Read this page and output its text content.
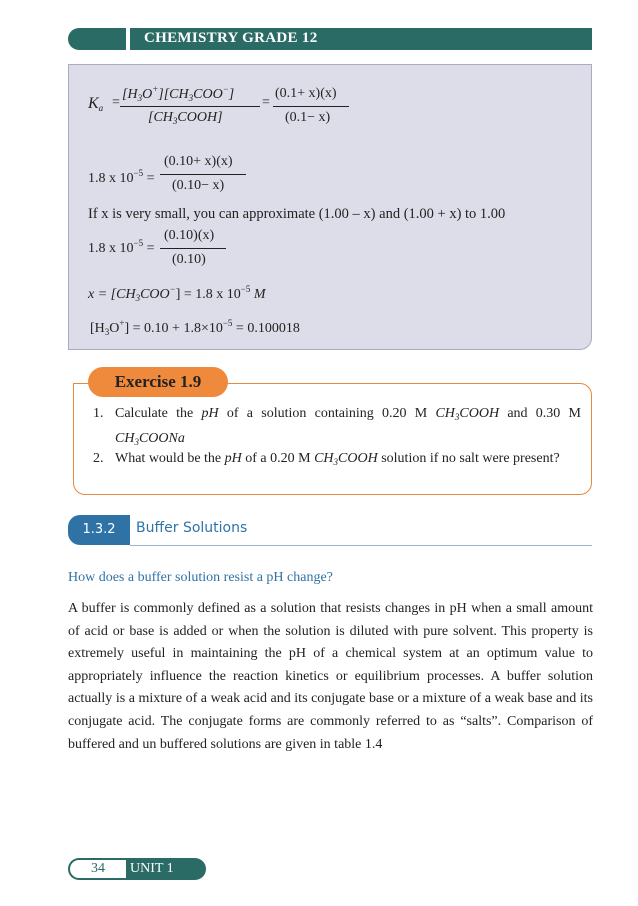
CHEMISTRY GRADE 12
$K_a$ =
$[H_3O^+][CH_3COO^-]$
$[CH_3COOH]$
=
(0.1+ x)(x)
(0.1− x)
1.8 x $10^{-5}$ =
(0.10+ x)(x)
(0.10− x)
If x is very small, you can approximate (1.00 – x) and (1.00 + x) to 1.00
1.8 x $10^{-5}$ =
(0.10)(x)
(0.10)
$x = [CH_3COO^-] = 1.8$ x $10^{-5}$ M
$[H_3O^+] = 0.10 + 1.8\times 10^{-5} = 0.100018$
Exercise 1.9
1. Calculate the pH of a solution containing 0.20 M $CH_3COOH$ and 0.30 M $CH_3COONa$
2. What would be the pH of a 0.20 M $CH_3COOH$ solution if no salt were present?
1.3.2	Buffer Solutions
How does a buffer solution resist a pH change?
A buffer is commonly defined as a solution that resists changes in pH when a small amount of acid or base is added or when the solution is diluted with pure solvent. This property is extremely useful in maintaining the pH of a chemical system at an optimum value to appropriately influence the reaction kinetics or equilibrium processes. A buffer solution actually is a mixture of a weak acid and its conjugate base or a mixture of a weak base and its conjugate acid. The conjugate forms are commonly referred to as “salts”. Comparison of buffered and un buffered solutions are given in table 1.4
34	UNIT 1
